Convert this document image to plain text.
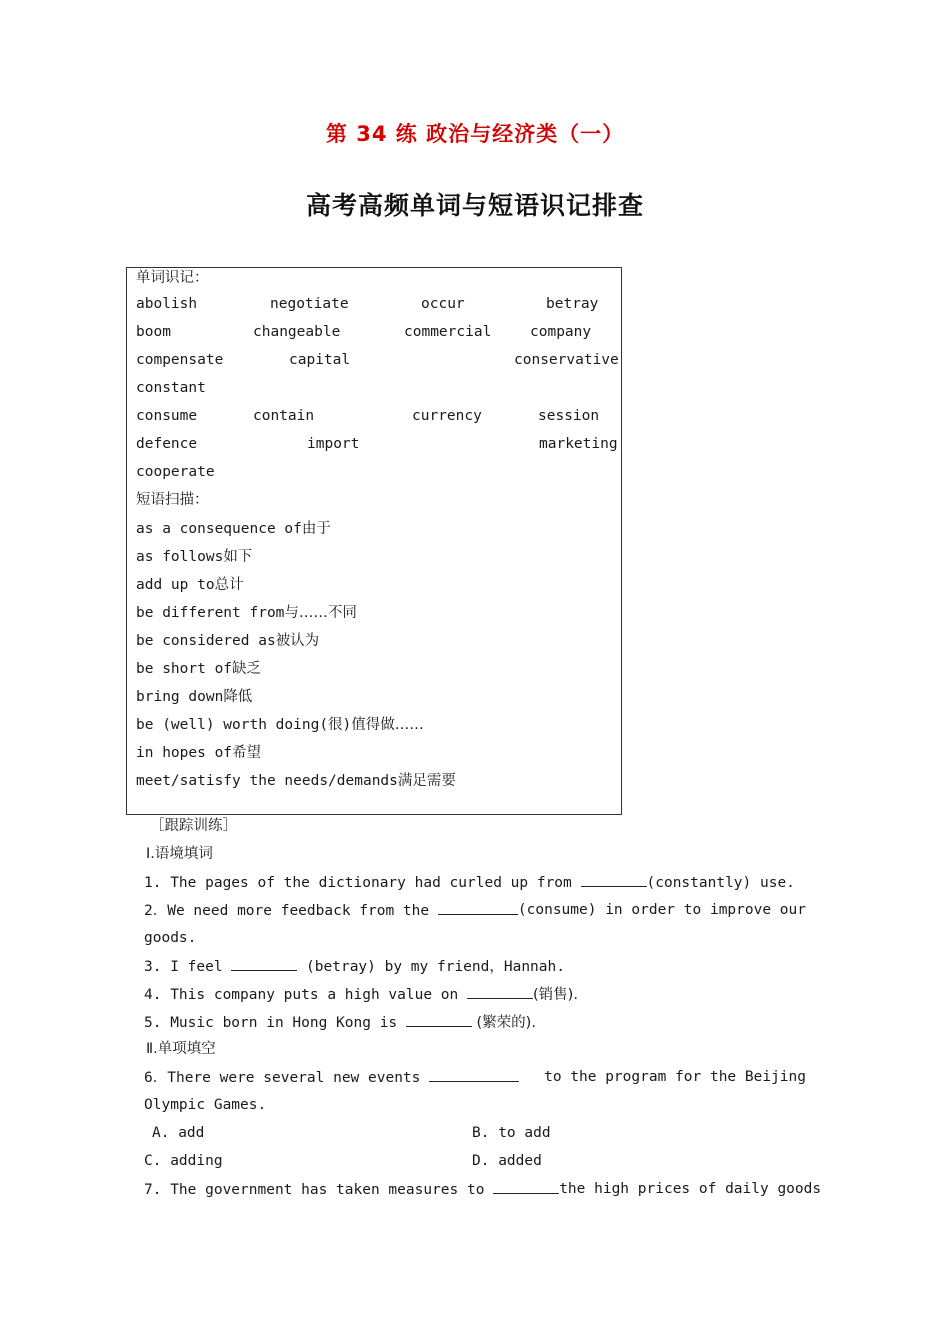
第 34 练 政治与经济类（一）
高考高频单词与短语识记排查
单词识记：
abolish	negotiate	occur	betray
boom	changeable	commercial	company
compensate	capital	conservative
constant
consume	contain	currency	session
defence	import	marketing
cooperate
短语扫描：
as a consequence of由于
as follows如下
add up to总计
be different from与……不同
be considered as被认为
be short of缺乏
bring down降低
be (well) worth doing(很)值得做……
in hopes of希望
meet/satisfy the needs/demands满足需要
［跟踪训练］
Ⅰ.语境填词
1. The pages of the dictionary had curled up from	(constantly) use.
2．We need more feedback from the	(consume) in order to improve our
goods.
3. I feel	(betray) by my friend，Hannah.
4. This company puts a high value on	(销售).
5. Music born in Hong Kong is	(繁荣的).
Ⅱ.单项填空
6．There were several new events	to the program for the Beijing
Olympic Games.
A. add	B. to add
C. adding	D. added
7. The government has taken measures to	the high prices of daily goods
